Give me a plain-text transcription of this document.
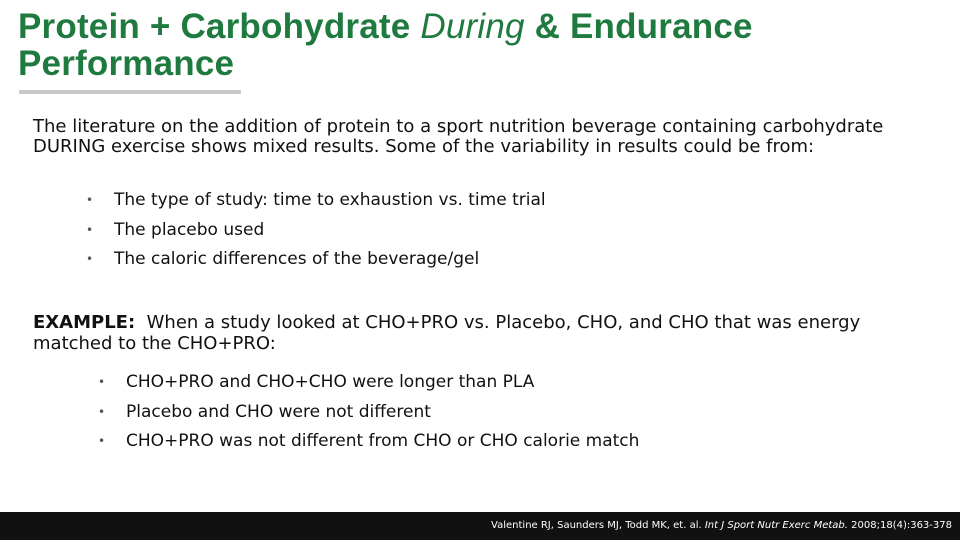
Protein + Carbohydrate During & Endurance Performance

The literature on the addition of protein to a sport nutrition beverage containing carbohydrate DURING exercise shows mixed results. Some of the variability in results could be from:

• The type of study: time to exhaustion vs. time trial
• The placebo used
• The caloric differences of the beverage/gel

EXAMPLE:  When a study looked at CHO+PRO vs. Placebo, CHO, and CHO that was energy matched to the CHO+PRO:

• CHO+PRO and CHO+CHO were longer than PLA
• Placebo and CHO were not different
• CHO+PRO was not different from CHO or CHO calorie match
Valentine RJ, Saunders MJ, Todd MK, et. al. Int J Sport Nutr Exerc Metab. 2008;18(4):363-378
